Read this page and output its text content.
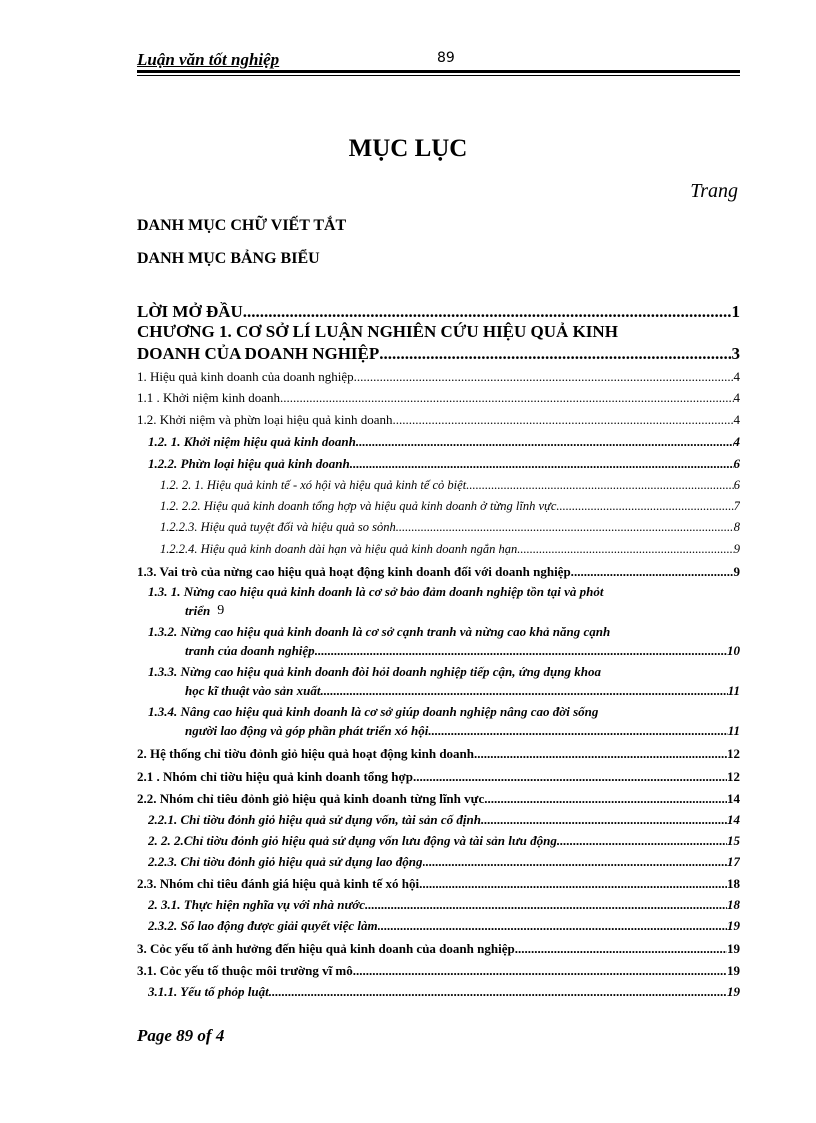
Luận văn tốt nghiệp	89
MỤC LỤC
Trang
DANH MỤC CHỮ VIẾT TẮT
DANH MỤC BẢNG BIỂU
LỜI MỞ ĐẦU .....	1
CHƯƠNG 1. CƠ SỞ LÍ LUẬN NGHIÊN CỨU HIỆU QUẢ KINH
DOANH CỦA DOANH NGHIỆP .....	3
1. Hiệu quả kinh doanh của doanh nghiệp .....	4
1.1 . Khởi niệm kinh doanh. .....	4
1.2. Khởi niệm và phừn loại hiệu quả kinh doanh. .....	4
1.2. 1. Khởi niệm hiệu quả kinh doanh .....	4
1.2.2. Phừn loại hiệu quả kinh doanh. .....	6
1.2. 2. 1. Hiệu quả kinh tế - xó hội và hiệu quả kinh tế cỏ biệt .....	6
1.2. 2.2. Hiệu quả kinh doanh tổng hợp và hiệu quả kinh doanh ở từng lĩnh vực .....	7
1.2.2.3. Hiệu quả tuyệt đối và hiệu quả so sỏnh .....	8
1.2.2.4. Hiệu quả kinh doanh dài hạn và hiệu quả kinh doanh ngắn hạn .....	9
1.3. Vai trò của nừng cao hiệu quả hoạt động kinh doanh đối với doanh nghiệp. .....	9
1.3. 1. Nừng cao hiệu quả kinh doanh là cơ sở bảo đảm doanh nghiệp tồn tại và phỏt
triển 9
1.3.2. Nừng cao hiệu quả kinh doanh là cơ sở cạnh tranh và nừng cao khả năng cạnh
tranh của doanh nghiệp .....	10
1.3.3. Nừng cao hiệu quả kinh doanh đòi hỏi doanh nghiệp tiếp cận, ứng dụng khoa
học kĩ thuật vào sản xuất .....	11
1.3.4. Nâng cao hiệu quả kinh doanh là cơ sở giúp doanh nghiệp nâng cao đời sống
người lao động và góp phần phát triển xó hội .....	11
2. Hệ thống chỉ tiờu đỏnh giỏ hiệu quả hoạt động kinh doanh .....	12
2.1 . Nhóm chỉ tiờu hiệu quả kinh doanh tổng hợp .....	12
2.2. Nhóm chỉ tiêu đỏnh giỏ hiệu quả kinh doanh từng lĩnh vực .....	14
2.2.1. Chỉ tiờu đỏnh giỏ hiệu quả sử dụng vốn, tài sản cố định .....	14
2. 2. 2.Chỉ tiờu đỏnh giỏ hiệu quả sử dụng vốn lưu động và tài sản lưu động .....	15
2.2.3. Chỉ tiờu đỏnh giỏ hiệu quả sử dụng lao động .....	17
2.3. Nhóm chỉ tiêu đánh giá hiệu quả kinh tế xó hội .....	18
2. 3.1. Thực hiện nghĩa vụ với nhà nước .....	18
2.3.2. Số lao động được giải quyết việc làm .....	19
3. Cỏc yếu tố ảnh hưởng đến hiệu quả kinh doanh của doanh nghiệp .....	19
3.1. Cỏc yếu tố thuộc môi trường vĩ mô. .....	19
3.1.1. Yếu tố phỏp luật .....	19
Page 89 of 4
